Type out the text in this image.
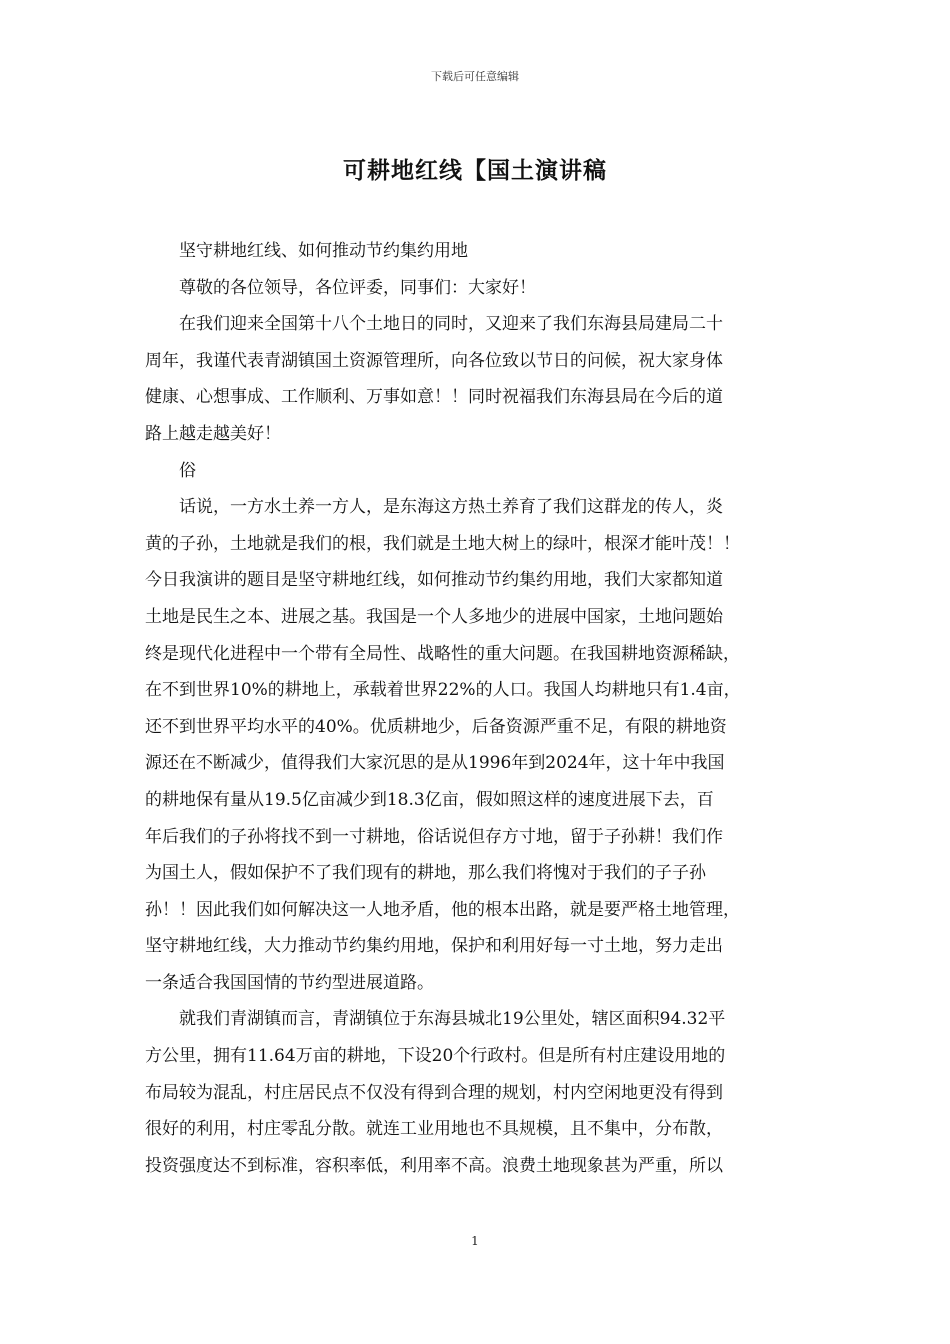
下载后可任意编辑
可耕地红线【国土演讲稿
坚守耕地红线、如何推动节约集约用地
尊敬的各位领导，各位评委，同事们：大家好！
在我们迎来全国第十八个土地日的同时，又迎来了我们东海县局建局二十
周年，我谨代表青湖镇国土资源管理所，向各位致以节日的问候，祝大家身体
健康、心想事成、工作顺利、万事如意！！同时祝福我们东海县局在今后的道
路上越走越美好！
俗
话说，一方水土养一方人，是东海这方热土养育了我们这群龙的传人，炎
黄的子孙，土地就是我们的根，我们就是土地大树上的绿叶，根深才能叶茂！！
今日我演讲的题目是坚守耕地红线，如何推动节约集约用地，我们大家都知道
土地是民生之本、进展之基。我国是一个人多地少的进展中国家，土地问题始
终是现代化进程中一个带有全局性、战略性的重大问题。在我国耕地资源稀缺，
在不到世界10%的耕地上，承载着世界22%的人口。我国人均耕地只有1.4亩，
还不到世界平均水平的40%。优质耕地少，后备资源严重不足，有限的耕地资
源还在不断减少，值得我们大家沉思的是从1996年到2024年，这十年中我国
的耕地保有量从19.5亿亩减少到18.3亿亩，假如照这样的速度进展下去，百
年后我们的子孙将找不到一寸耕地，俗话说但存方寸地，留于子孙耕！我们作
为国土人，假如保护不了我们现有的耕地，那么我们将愧对于我们的子子孙
孙！！因此我们如何解决这一人地矛盾，他的根本出路，就是要严格土地管理，
坚守耕地红线，大力推动节约集约用地，保护和利用好每一寸土地，努力走出
一条适合我国国情的节约型进展道路。
就我们青湖镇而言，青湖镇位于东海县城北19公里处，辖区面积94.32平
方公里，拥有11.64万亩的耕地，下设20个行政村。但是所有村庄建设用地的
布局较为混乱，村庄居民点不仅没有得到合理的规划，村内空闲地更没有得到
很好的利用，村庄零乱分散。就连工业用地也不具规模，且不集中，分布散，
投资强度达不到标准，容积率低，利用率不高。浪费土地现象甚为严重，所以
1
